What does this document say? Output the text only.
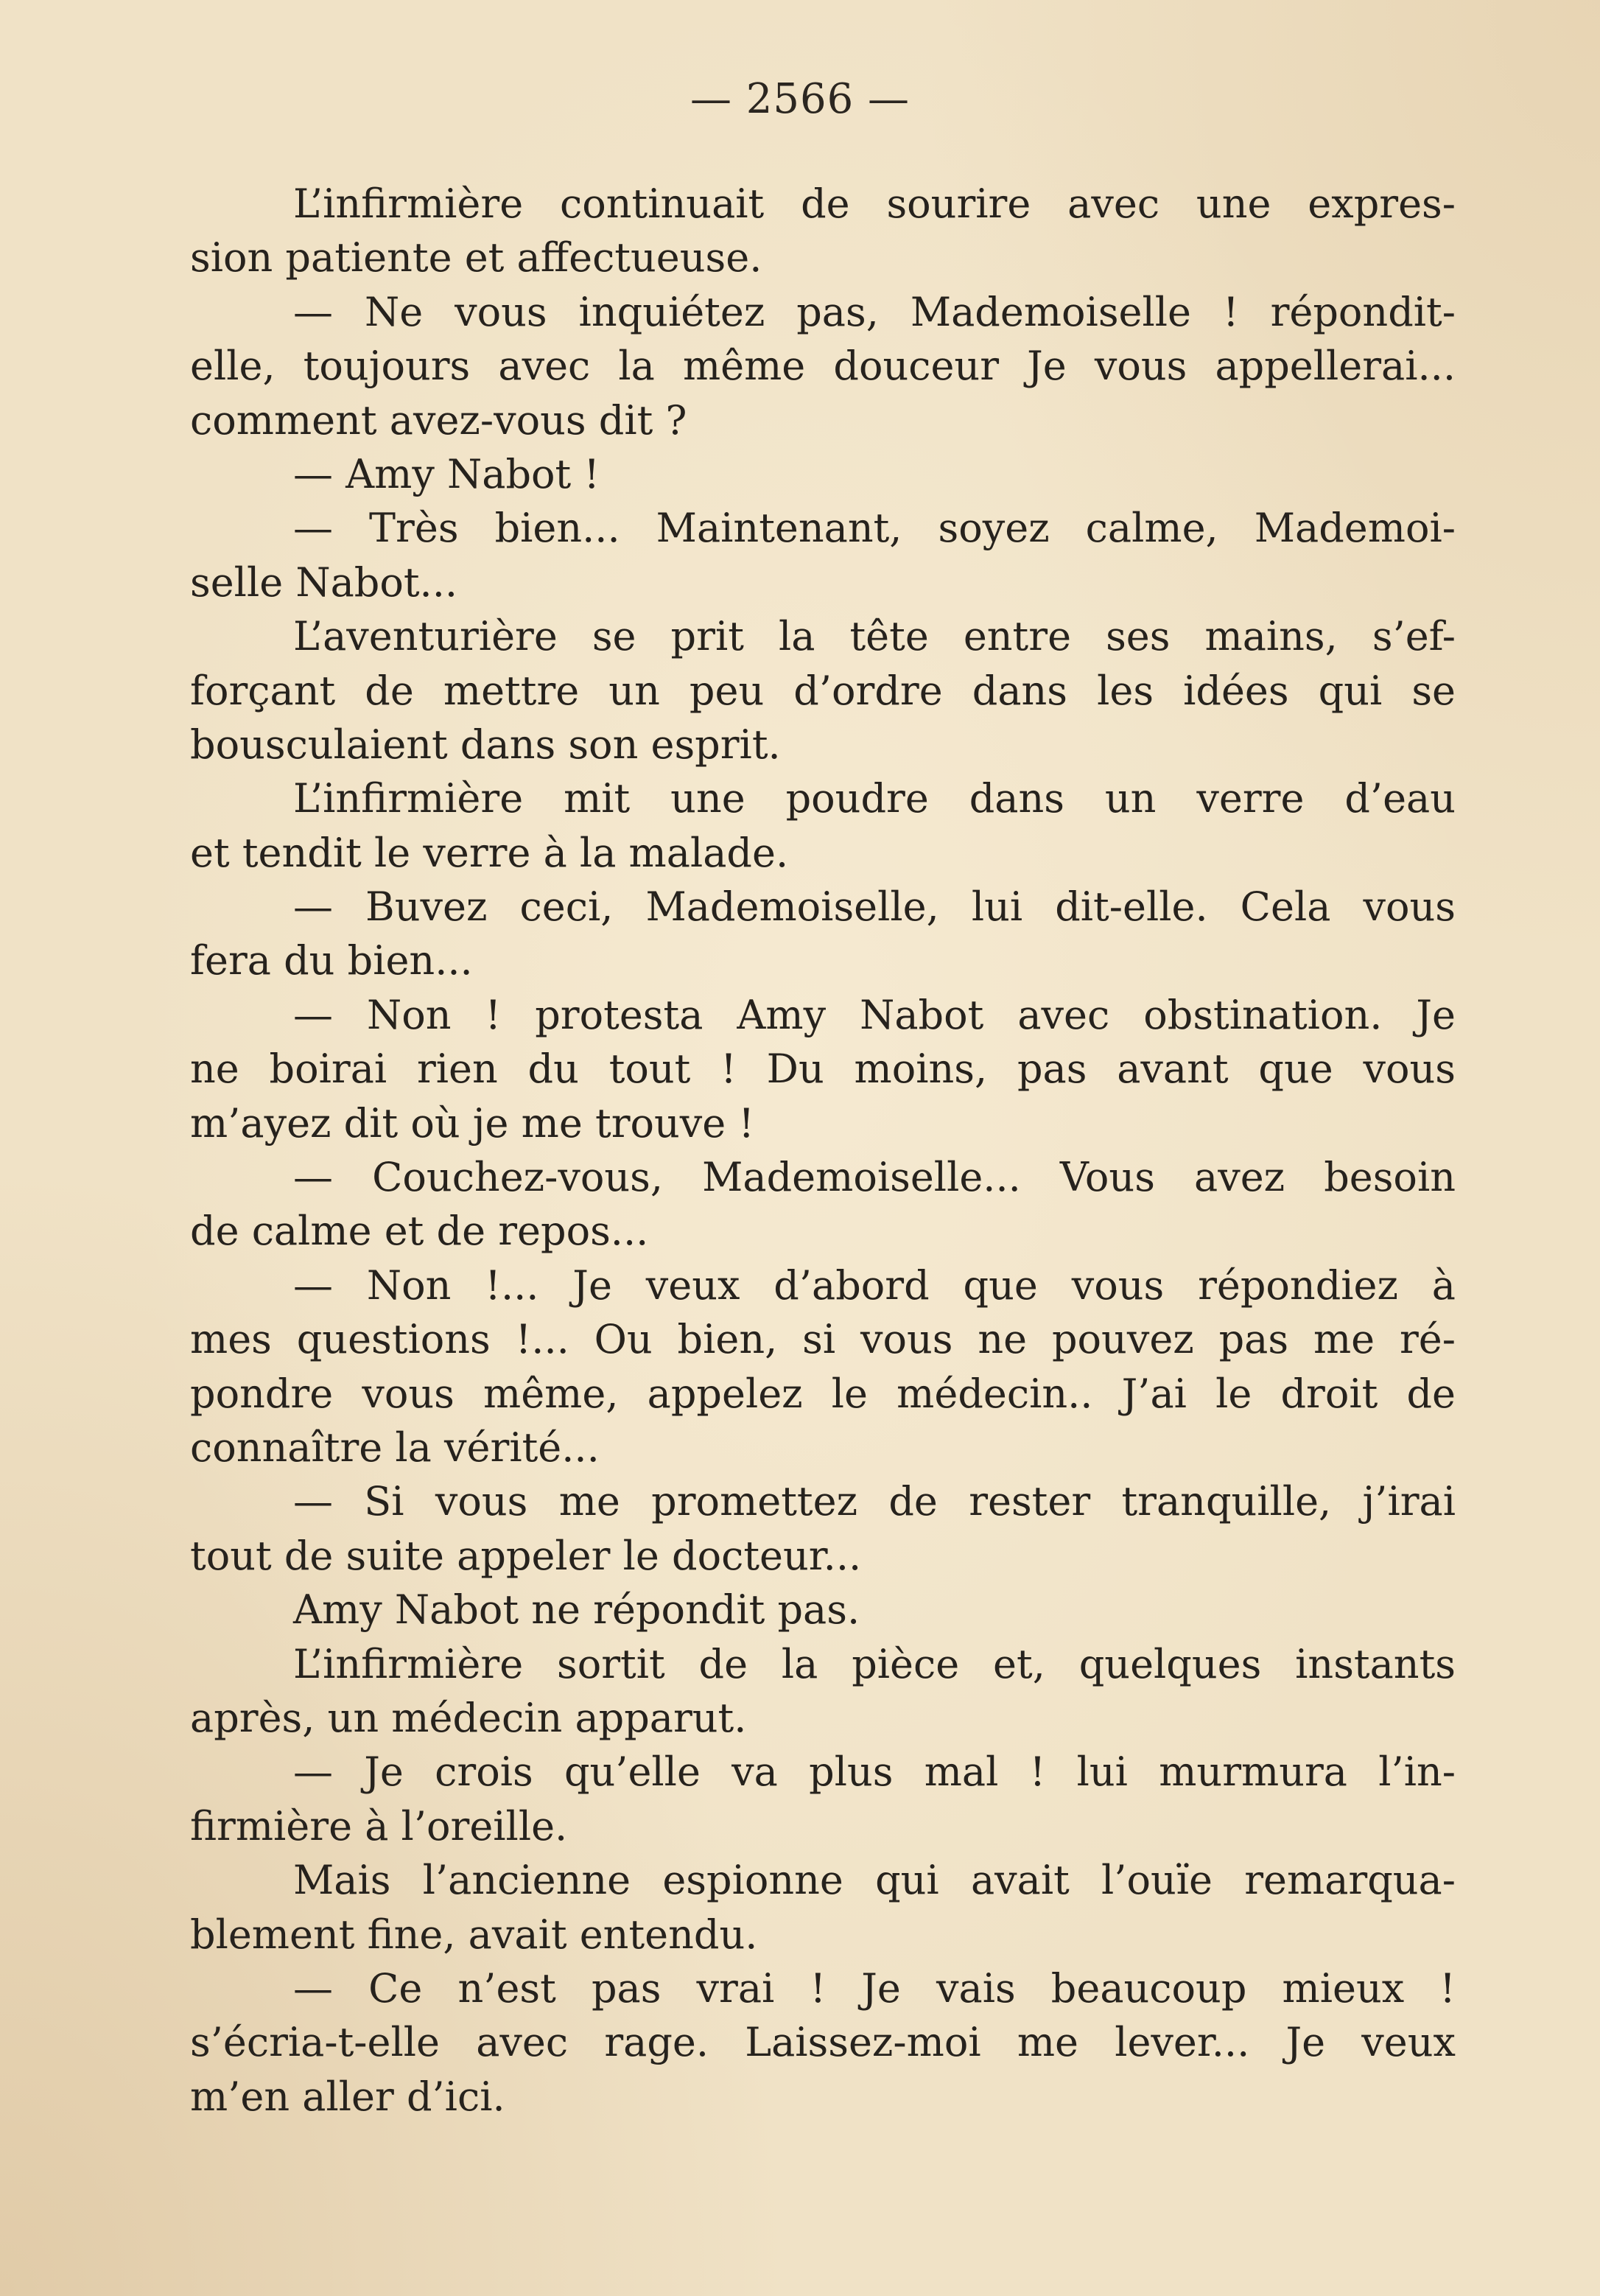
— 2566 —
L’infirmière continuait de sourire avec une expres-
sion patiente et affectueuse.
— Ne vous inquiétez pas, Mademoiselle ! répondit-
elle, toujours avec la même douceur Je vous appellerai...
comment avez-vous dit ?
— Amy Nabot !
— Très bien... Maintenant, soyez calme, Mademoi-
selle Nabot...
L’aventurière se prit la tête entre ses mains, s’ef-
forçant de mettre un peu d’ordre dans les idées qui se
bousculaient dans son esprit.
L’infirmière mit une poudre dans un verre d’eau
et tendit le verre à la malade.
— Buvez ceci, Mademoiselle, lui dit-elle. Cela vous
fera du bien...
— Non ! protesta Amy Nabot avec obstination. Je
ne boirai rien du tout ! Du moins, pas avant que vous
m’ayez dit où je me trouve !
— Couchez-vous, Mademoiselle... Vous avez besoin
de calme et de repos...
— Non !... Je veux d’abord que vous répondiez à
mes questions !... Ou bien, si vous ne pouvez pas me ré-
pondre vous même, appelez le médecin.. J’ai le droit de
connaître la vérité...
— Si vous me promettez de rester tranquille, j’irai
tout de suite appeler le docteur...
Amy Nabot ne répondit pas.
L’infirmière sortit de la pièce et, quelques instants
après, un médecin apparut.
— Je crois qu’elle va plus mal ! lui murmura l’in-
firmière à l’oreille.
Mais l’ancienne espionne qui avait l’ouïe remarqua-
blement fine, avait entendu.
— Ce n’est pas vrai ! Je vais beaucoup mieux !
s’écria-t-elle avec rage. Laissez-moi me lever... Je veux
m’en aller d’ici.
